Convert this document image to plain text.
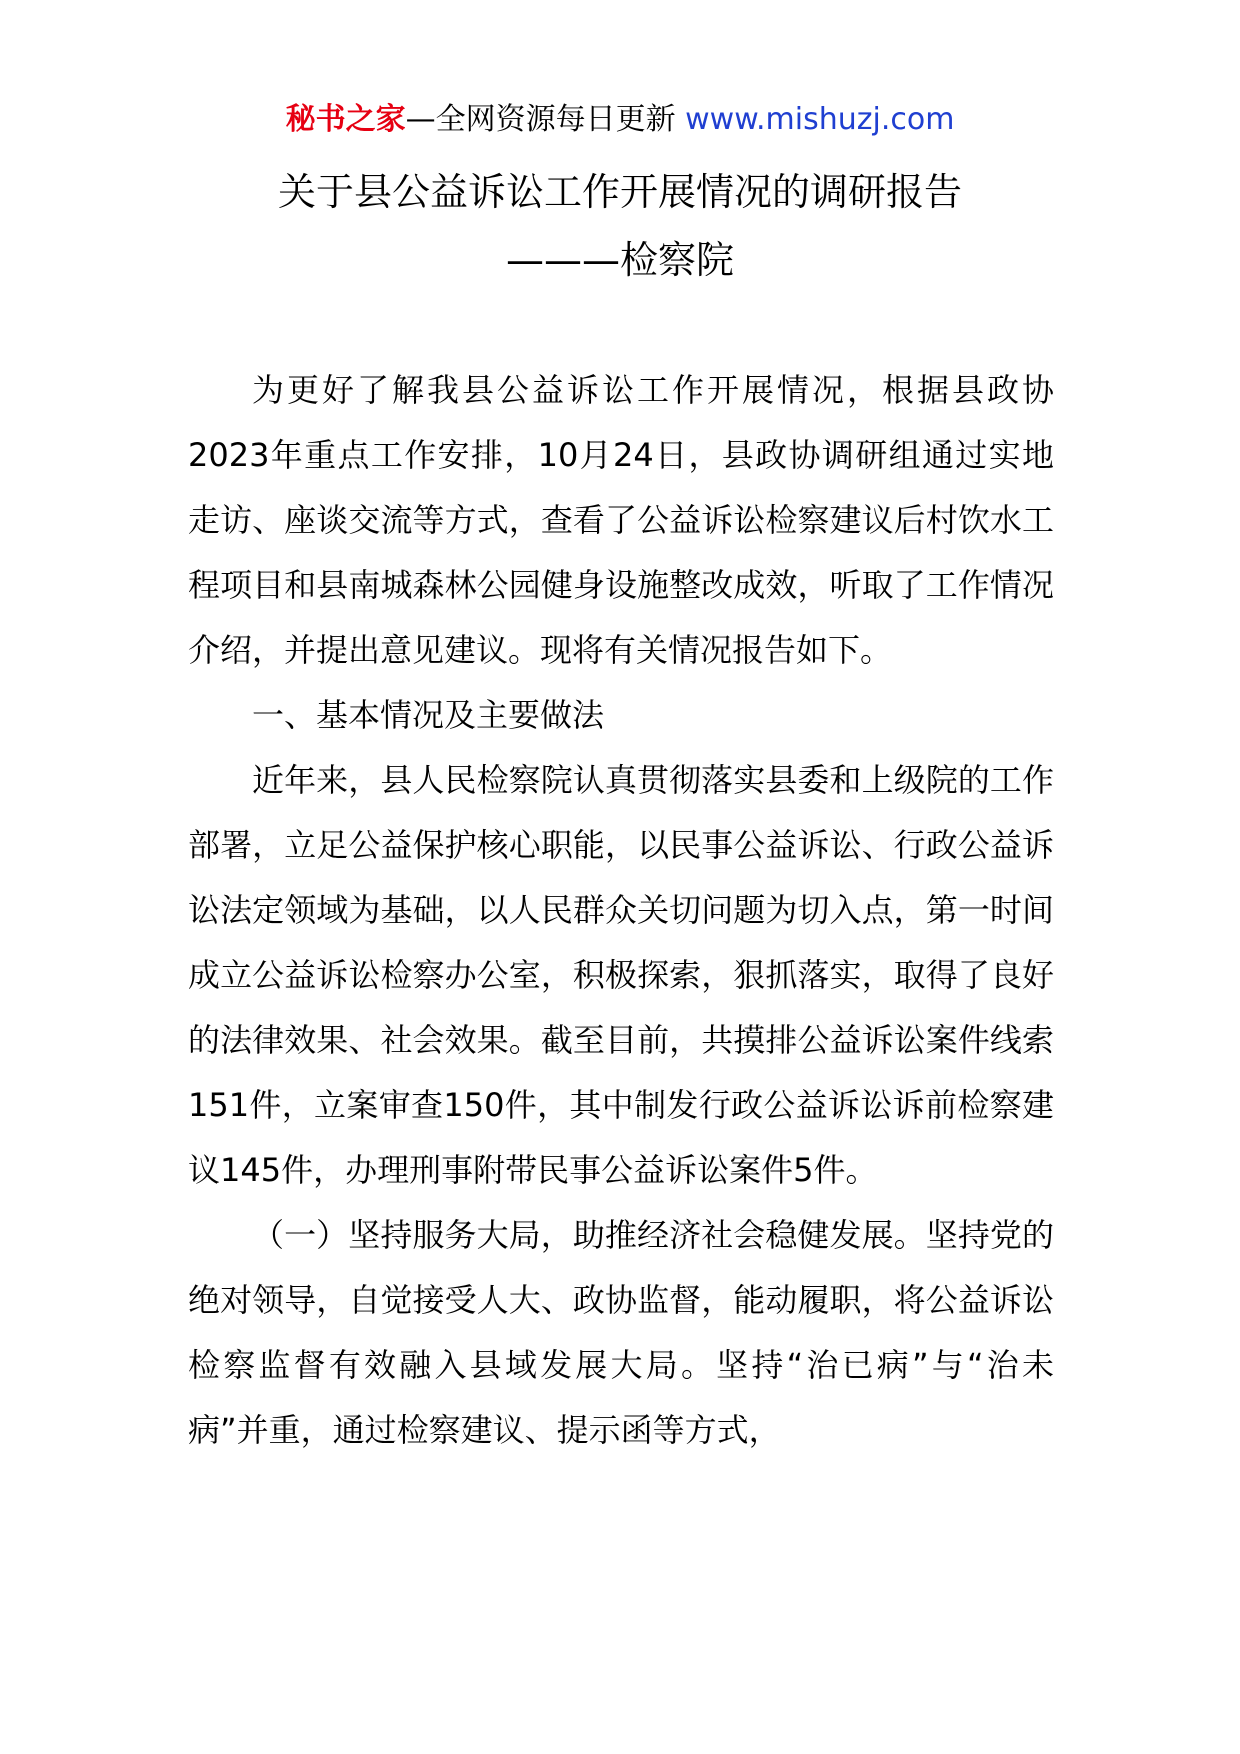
秘书之家—全网资源每日更新 www.mishuzj.com
关于县公益诉讼工作开展情况的调研报告
———检察院

为更好了解我县公益诉讼工作开展情况，根据县政协2023年重点工作安排，10月24日，县政协调研组通过实地走访、座谈交流等方式，查看了公益诉讼检察建议后村饮水工程项目和县南城森林公园健身设施整改成效，听取了工作情况介绍，并提出意见建议。现将有关情况报告如下。

一、基本情况及主要做法

近年来，县人民检察院认真贯彻落实县委和上级院的工作部署，立足公益保护核心职能，以民事公益诉讼、行政公益诉讼法定领域为基础，以人民群众关切问题为切入点，第一时间成立公益诉讼检察办公室，积极探索，狠抓落实，取得了良好的法律效果、社会效果。截至目前，共摸排公益诉讼案件线索151件，立案审查150件，其中制发行政公益诉讼诉前检察建议145件，办理刑事附带民事公益诉讼案件5件。

（一）坚持服务大局，助推经济社会稳健发展。坚持党的绝对领导，自觉接受人大、政协监督，能动履职，将公益诉讼检察监督有效融入县域发展大局。坚持“治已病”与“治未病”并重，通过检察建议、提示函等方式，
